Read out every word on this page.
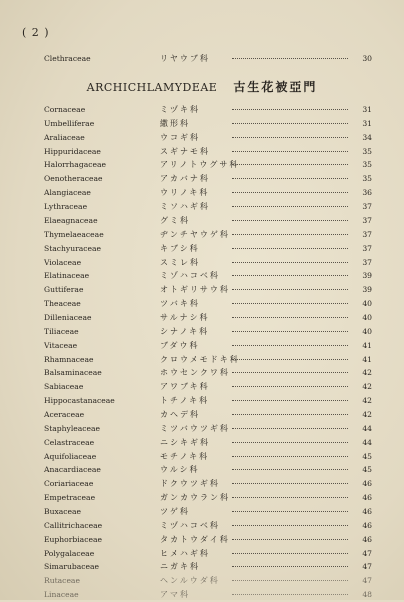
( 2 )
Clethraceae	リヤウブ科	30
ARCHICHLAMYDEAE 古生花被亞門
Cornaceae	ミヅキ科	31
Umbelliferae	繖形科	31
Araliaceae	ウコギ科	34
Hippuridaceae	スギナモ科	35
Halorrhagaceae	アリノトウグサ科	35
Oenotheraceae	アカバナ科	35
Alangiaceae	ウリノキ科	36
Lythraceae	ミソハギ科	37
Elaeagnaceae	グミ科	37
Thymelaeaceae	ヂンチヤウゲ科	37
Stachyuraceae	キブシ科	37
Violaceae	スミレ科	37
Elatinaceae	ミゾハコベ科	39
Guttiferae	オトギリサウ科	39
Theaceae	ツバキ科	40
Dilleniaceae	サルナシ科	40
Tiliaceae	シナノキ科	40
Vitaceae	ブダウ科	41
Rhamnaceae	クロウメモドキ科	41
Balsaminaceae	ホウセンクワ科	42
Sabiaceae	アワブキ科	42
Hippocastanaceae	トチノキ科	42
Aceraceae	カヘデ科	42
Staphyleaceae	ミツバウツギ科	44
Celastraceae	ニシキギ科	44
Aquifoliaceae	モチノキ科	45
Anacardiaceae	ウルシ科	45
Coriariaceae	ドクウツギ科	46
Empetraceae	ガンカウラン科	46
Buxaceae	ツゲ科	46
Callitrichaceae	ミヅハコベ科	46
Euphorbiaceae	タカトウダイ科	46
Polygalaceae	ヒメハギ科	47
Simarubaceae	ニガキ科	47
Rutaceae	ヘンルウダ科	47
Linaceae	アマ科	48
